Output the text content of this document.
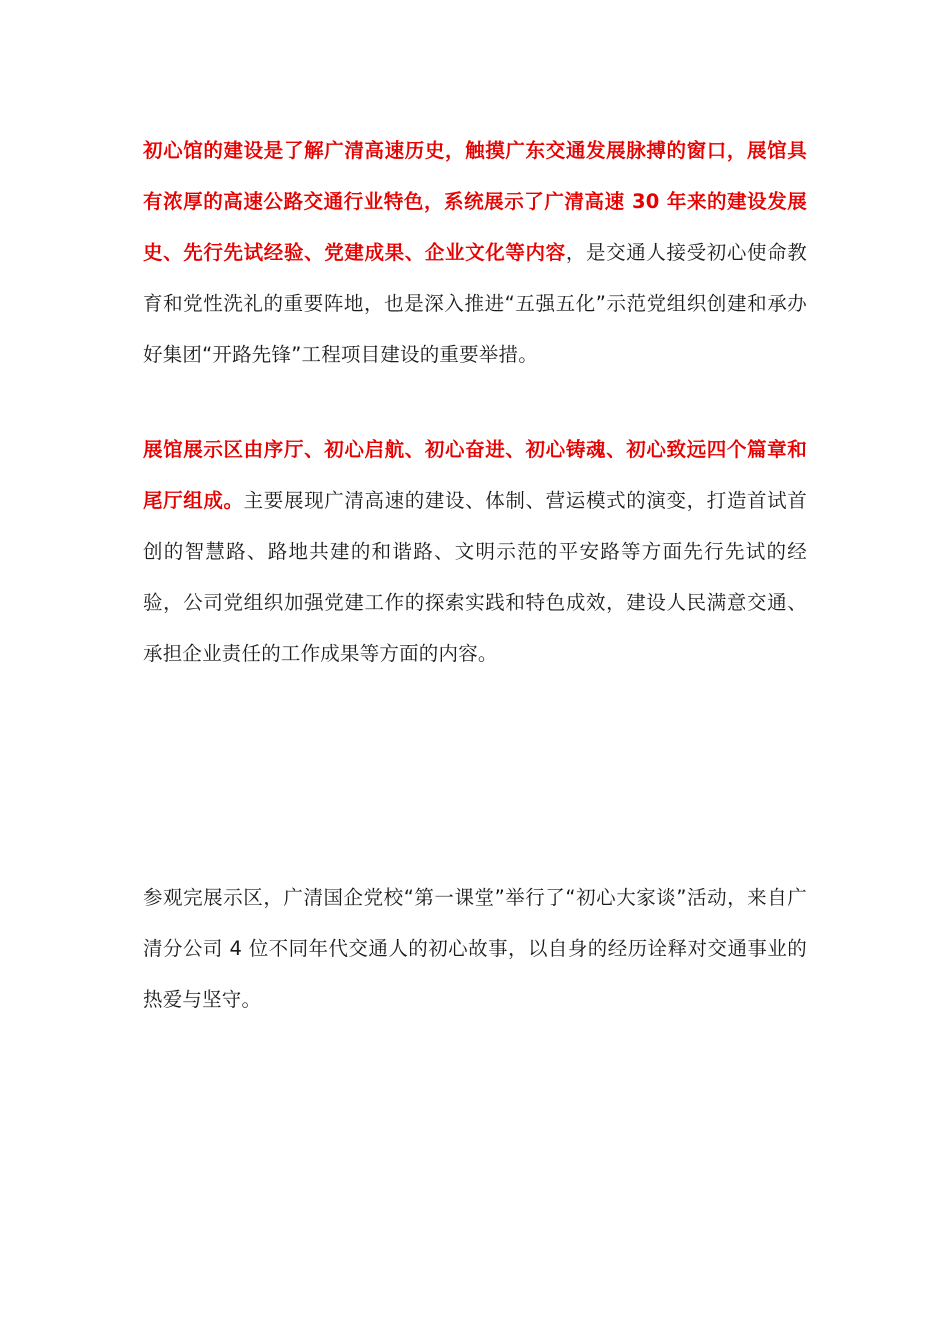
初心馆的建设是了解广清高速历史，触摸广东交通发展脉搏的窗口，展馆具有浓厚的高速公路交通行业特色，系统展示了广清高速 30 年来的建设发展史、先行先试经验、党建成果、企业文化等内容，是交通人接受初心使命教育和党性洗礼的重要阵地，也是深入推进“五强五化”示范党组织创建和承办好集团“开路先锋”工程项目建设的重要举措。

展馆展示区由序厅、初心启航、初心奋进、初心铸魂、初心致远四个篇章和尾厅组成。主要展现广清高速的建设、体制、营运模式的演变，打造首试首创的智慧路、路地共建的和谐路、文明示范的平安路等方面先行先试的经验，公司党组织加强党建工作的探索实践和特色成效，建设人民满意交通、承担企业责任的工作成果等方面的内容。

参观完展示区，广清国企党校“第一课堂”举行了“初心大家谈”活动，来自广清分公司 4 位不同年代交通人的初心故事，以自身的经历诠释对交通事业的热爱与坚守。
